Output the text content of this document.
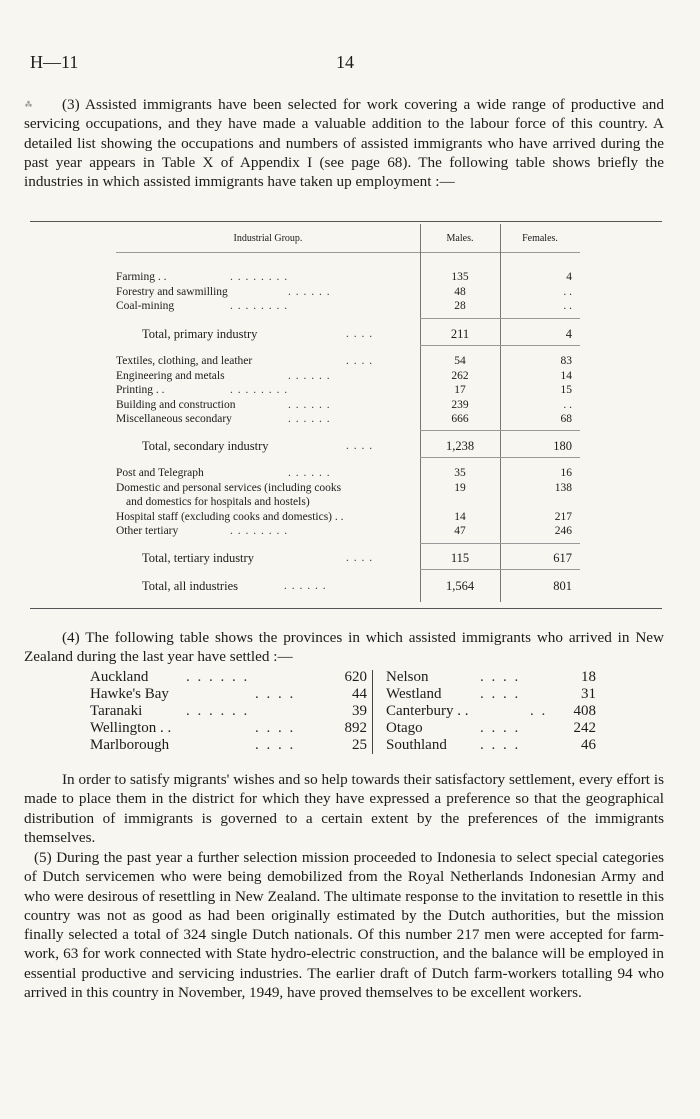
H—11	14
⁂	(3) Assisted immigrants have been selected for work covering a wide range of productive and servicing occupations, and they have made a valuable addition to the labour force of this country. A detailed list showing the occupations and numbers of assisted immigrants who have arrived during the past year appears in Table X of Appendix I (see page 68). The following table shows briefly the industries in which assisted immigrants have taken up employment :—

Industrial Group.	Males.	Females.
Farming . .	. . . . . . . .	135	4
Forestry and sawmilling	. . . . . .	48	. .
Coal-mining	. . . . . . . .	28	. .
Total, primary industry	. . . .	211	4
Textiles, clothing, and leather	. . . .	54	83
Engineering and metals	. . . . . .	262	14
Printing . .	. . . . . . . .	17	15
Building and construction	. . . . . .	239	. .
Miscellaneous secondary	. . . . . .	666	68
Total, secondary industry	. . . .	1,238	180
Post and Telegraph	. . . . . .	35	16
Domestic and personal services (including cooks
and domestics for hospitals and hostels)
19	138
Hospital staff (excluding cooks and domestics) . .	14	217
Other tertiary	. . . . . . . .	47	246
Total, tertiary industry	. . . .	115	617
Total, all industries	. . . . . .	1,564	801

(4) The following table shows the provinces in which assisted immigrants who arrived in New Zealand during the last year have settled :—

Auckland	. . . . . .	620
Hawke's Bay	. . . .	44
Taranaki	. . . . . .	39
Wellington . .	. . . .	892
Marlborough	. . . .	25
Nelson	. . . .	18
Westland	. . . .	31
Canterbury . .	. .	408
Otago	. . . .	242
Southland . . . .	46

In order to satisfy migrants' wishes and so help towards their satisfactory settlement, every effort is made to place them in the district for which they have expressed a preference so that the geographical distribution of immigrants is governed to a certain extent by the preferences of the immigrants themselves.

(5) During the past year a further selection mission proceeded to Indonesia to select special categories of Dutch servicemen who were being demobilized from the Royal Netherlands Indonesian Army and who were desirous of resettling in New Zealand. The ultimate response to the invitation to resettle in this country was not as good as had been originally estimated by the Dutch authorities, but the mission finally selected a total of 324 single Dutch nationals. Of this number 217 men were accepted for farm-work, 63 for work connected with State hydro-electric construction, and the balance will be employed in essential productive and servicing industries. The earlier draft of Dutch farm-workers totalling 94 who arrived in this country in November, 1949, have proved themselves to be excellent workers.
